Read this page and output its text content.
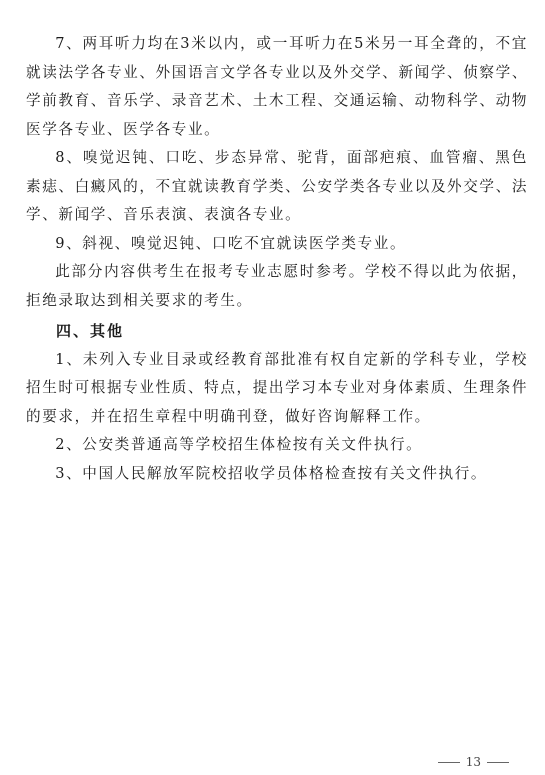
7、两耳听力均在3米以内，或一耳听力在5米另一耳全聋的，不宜就读法学各专业、外国语言文学各专业以及外交学、新闻学、侦察学、学前教育、音乐学、录音艺术、土木工程、交通运输、动物科学、动物医学各专业、医学各专业。

8、嗅觉迟钝、口吃、步态异常、驼背，面部疤痕、血管瘤、黑色素痣、白癜风的，不宜就读教育学类、公安学类各专业以及外交学、法学、新闻学、音乐表演、表演各专业。

9、斜视、嗅觉迟钝、口吃不宜就读医学类专业。

此部分内容供考生在报考专业志愿时参考。学校不得以此为依据，拒绝录取达到相关要求的考生。

四、其他

1、未列入专业目录或经教育部批准有权自定新的学科专业，学校招生时可根据专业性质、特点，提出学习本专业对身体素质、生理条件的要求，并在招生章程中明确刊登，做好咨询解释工作。

2、公安类普通高等学校招生体检按有关文件执行。

3、中国人民解放军院校招收学员体格检查按有关文件执行。

13
